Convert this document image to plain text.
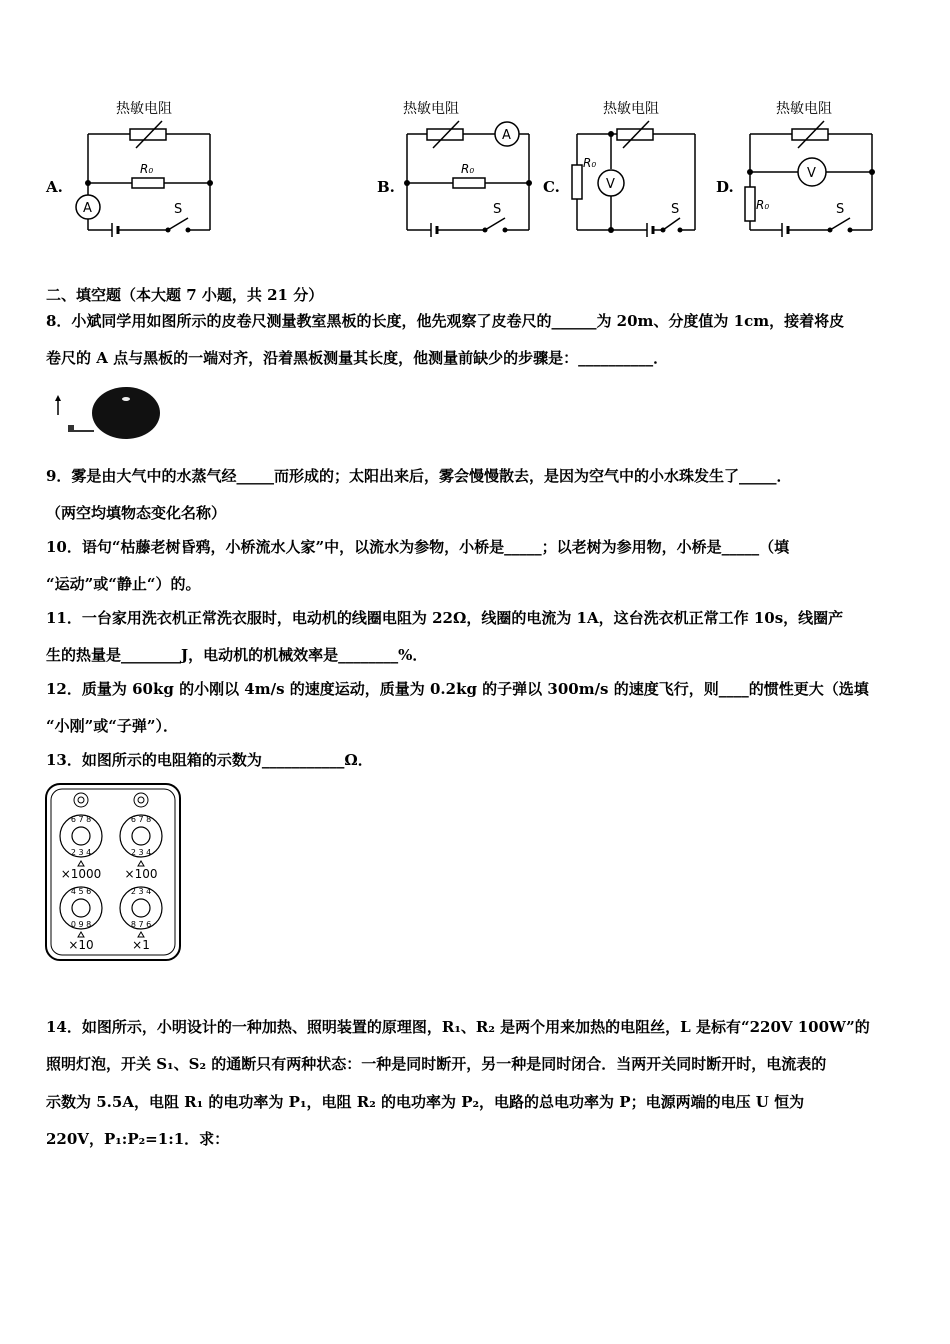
A.	B.	C.	D.
热敏电阻
R₀
A	S
热敏电阻
R₀
A
S
热敏电阻
R₀
V
S
热敏电阻
R₀
V
S
二、填空题（本大题 7 小题，共 21 分）
8．小斌同学用如图所示的皮卷尺测量教室黑板的长度，他先观察了皮卷尺的______为 20m、分度值为 1cm，接着将皮
卷尺的 A 点与黑板的一端对齐，沿着黑板测量其长度，他测量前缺少的步骤是：__________．
9．雾是由大气中的水蒸气经_____而形成的；太阳出来后，雾会慢慢散去，是因为空气中的小水珠发生了_____．
（两空均填物态变化名称）
10．语句“枯藤老树昏鸦，小桥流水人家”中，以流水为参物，小桥是_____；以老树为参用物，小桥是_____（填
“运动”或“静止“）的。
11．一台家用洗衣机正常洗衣服时，电动机的线圈电阻为 22Ω，线圈的电流为 1A，这台洗衣机正常工作 10s，线圈产
生的热量是________J，电动机的机械效率是________%．
12．质量为 60kg 的小刚以 4m/s 的速度运动，质量为 0.2kg 的子弹以 300m/s 的速度飞行，则____的惯性更大（选填
“小刚”或“子弹”）．
13．如图所示的电阻箱的示数为___________Ω．
6 7 8
2 3 4
6 7 8
2 3 4
4 5 6
0 9 8
2 3 4
8 7 6
×1000 ×100
×10	×1
14．如图所示，小明设计的一种加热、照明装置的原理图，R₁、R₂ 是两个用来加热的电阻丝，L 是标有“220V 100W”的
照明灯泡，开关 S₁、S₂ 的通断只有两种状态：一种是同时断开，另一种是同时闭合．当两开关同时断开时，电流表的
示数为 5.5A，电阻 R₁ 的电功率为 P₁，电阻 R₂ 的电功率为 P₂，电路的总电功率为 P；电源两端的电压 U 恒为
220V，P₁:P₂=1:1．求：
